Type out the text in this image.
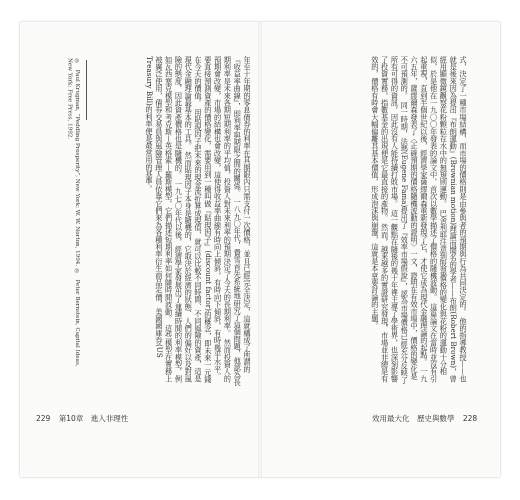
年至十年期的零息債券的利率在其期限內只需支付一次價格，並且已經完全決定，這就構成了所謂的『收益率曲線』，即利率與期限之間的關係。 一八九〇年代，費雪首先系統地研究了這個問題，他認為長期利率是未來各期短期利率的平均值，投資人對未來利率的預期決定了今天的長期利率。 然而投資人的預期會改變，市場的結構也會改變，這使得收益率曲線有時向上傾斜，有時向下傾斜，有時幾乎水平。 要直接預測資產的價格變化，需要用到一種叫做『貼現因子』(discount factor)的概念，即未來一元錢在今天的價值。 用貼現因子把未來的現金流折算成現值，就可以比較不同時間、不同風險的資產，這是現代金融理論最基本的工具。 然而貼現因子本身是隨機的，它取決於經濟的狀態、人們的偏好以及對風險的態度，因此資產價格也是隨機的。 一九七〇年代以後，經濟學家發展出了連續時間的利率模型，例如瓦西塞克模型和考克斯—英格索—羅斯模型，它們描述短期利率如何隨時間波動。 這些模型在實務上被廣泛使用，債券交易員與風險管理人員依靠它們來為各種利率衍生商品定價，美國國庫券(US Treasury Bill)的利率便是最常用的基準。
◎　Paul Krugman, “Peddling Prosperity”, New York: W. W. Norton, 1994. ◎　Peter Bernstein, Capital Ideas, New York: Free Press, 1992.
229 第10章　進入非理性
式，決定了一種市場結構，而市場的價格則是由參與者的預期與行為共同決定的。 他的指導教授——也就是後來因為提出『布朗運動』(Brownian motion)理論而聞名的學者——布朗(Robert Brown)，曾經用顯微鏡觀察花粉顆粒在水中的無規則運動。 巴舍利耶注意到股票價格的變化與花粉的運動十分相似，於是他在一九〇〇年發表的論文中，首次以數學描述了價格的隨機波動。 這篇論文在當時並沒有引起重視，直到半個世紀以後，經濟學家薩繆爾森重新發現了它，才使它成為現代金融理論的起點。 一九六五年，薩繆爾森發表了〈正確預期的價格隨機波動的證明〉一文，證明在有效市場中，價格的變化是不可預測的。 同一時期，法瑪(Eugene Fama)提出了『效率市場假說』，認為市場價格已經充分反映了所有可得的資訊，因此沒有人能持續打敗市場。 這一觀點在隨後的幾十年裡主導了學術界，也深刻影響了投資實務，指數基金的出現便是它最直接的產物。 然而，越來越多的實證研究發現，市場並非總是有效的，價格有時會大幅偏離其基本價值，形成泡沫與崩盤，這就是本章要討論的主題。
效用最大化　歷史與數學 228
